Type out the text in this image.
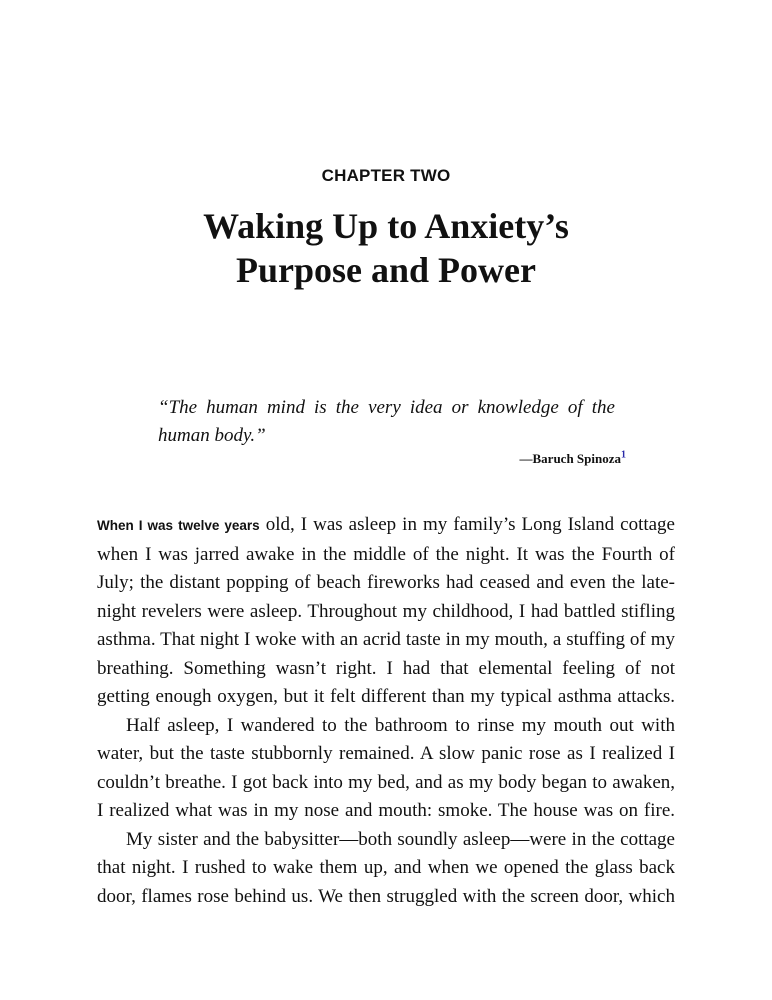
CHAPTER TWO
Waking Up to Anxiety’s
Purpose and Power
“The human mind is the very idea or knowledge of the human body.”
—Baruch Spinoza$^1$

When I was twelve years old, I was asleep in my family’s Long Island cottage when I was jarred awake in the middle of the night. It was the Fourth of July; the distant popping of beach fireworks had ceased and even the late-night revelers were asleep. Throughout my childhood, I had battled stifling asthma. That night I woke with an acrid taste in my mouth, a stuffing of my breathing. Something wasn’t right. I had that elemental feeling of not getting enough oxygen, but it felt different than my typical asthma attacks.

Half asleep, I wandered to the bathroom to rinse my mouth out with water, but the taste stubbornly remained. A slow panic rose as I realized I couldn’t breathe. I got back into my bed, and as my body began to awaken, I realized what was in my nose and mouth: smoke. The house was on fire.

My sister and the babysitter—both soundly asleep—were in the cottage that night. I rushed to wake them up, and when we opened the glass back door, flames rose behind us. We then struggled with the screen door, which
